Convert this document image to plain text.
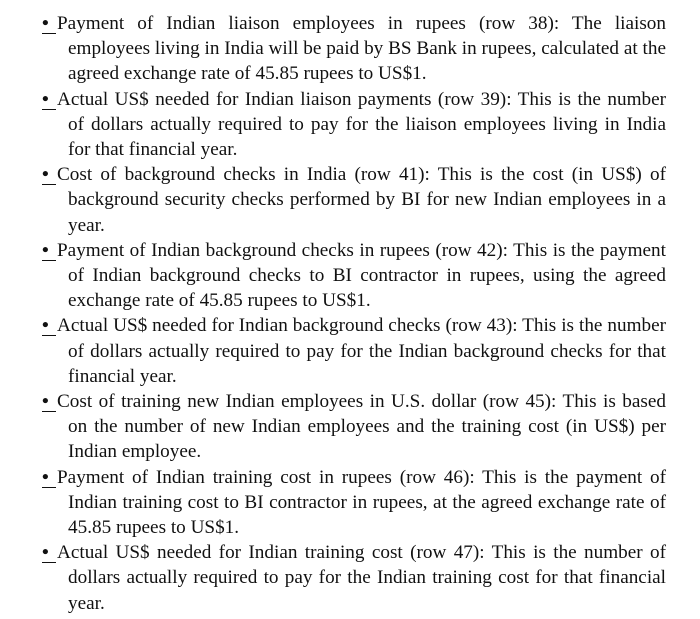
• Payment of Indian liaison employees in rupees (row 38): The liaison employees living in India will be paid by BS Bank in rupees, calculated at the agreed exchange rate of 45.85 rupees to US$1.
• Actual US$ needed for Indian liaison payments (row 39): This is the number of dollars actually required to pay for the liaison employees living in India for that financial year.
• Cost of background checks in India (row 41): This is the cost (in US$) of background security checks performed by BI for new Indian employees in a year.
• Payment of Indian background checks in rupees (row 42): This is the payment of Indian background checks to BI contractor in rupees, using the agreed exchange rate of 45.85 rupees to US$1.
• Actual US$ needed for Indian background checks (row 43): This is the number of dollars actually required to pay for the Indian background checks for that financial year.
• Cost of training new Indian employees in U.S. dollar (row 45): This is based on the number of new Indian employees and the training cost (in US$) per Indian employee.
• Payment of Indian training cost in rupees (row 46): This is the payment of Indian training cost to BI contractor in rupees, at the agreed exchange rate of 45.85 rupees to US$1.
• Actual US$ needed for Indian training cost (row 47): This is the number of dollars actually required to pay for the Indian training cost for that financial year.
